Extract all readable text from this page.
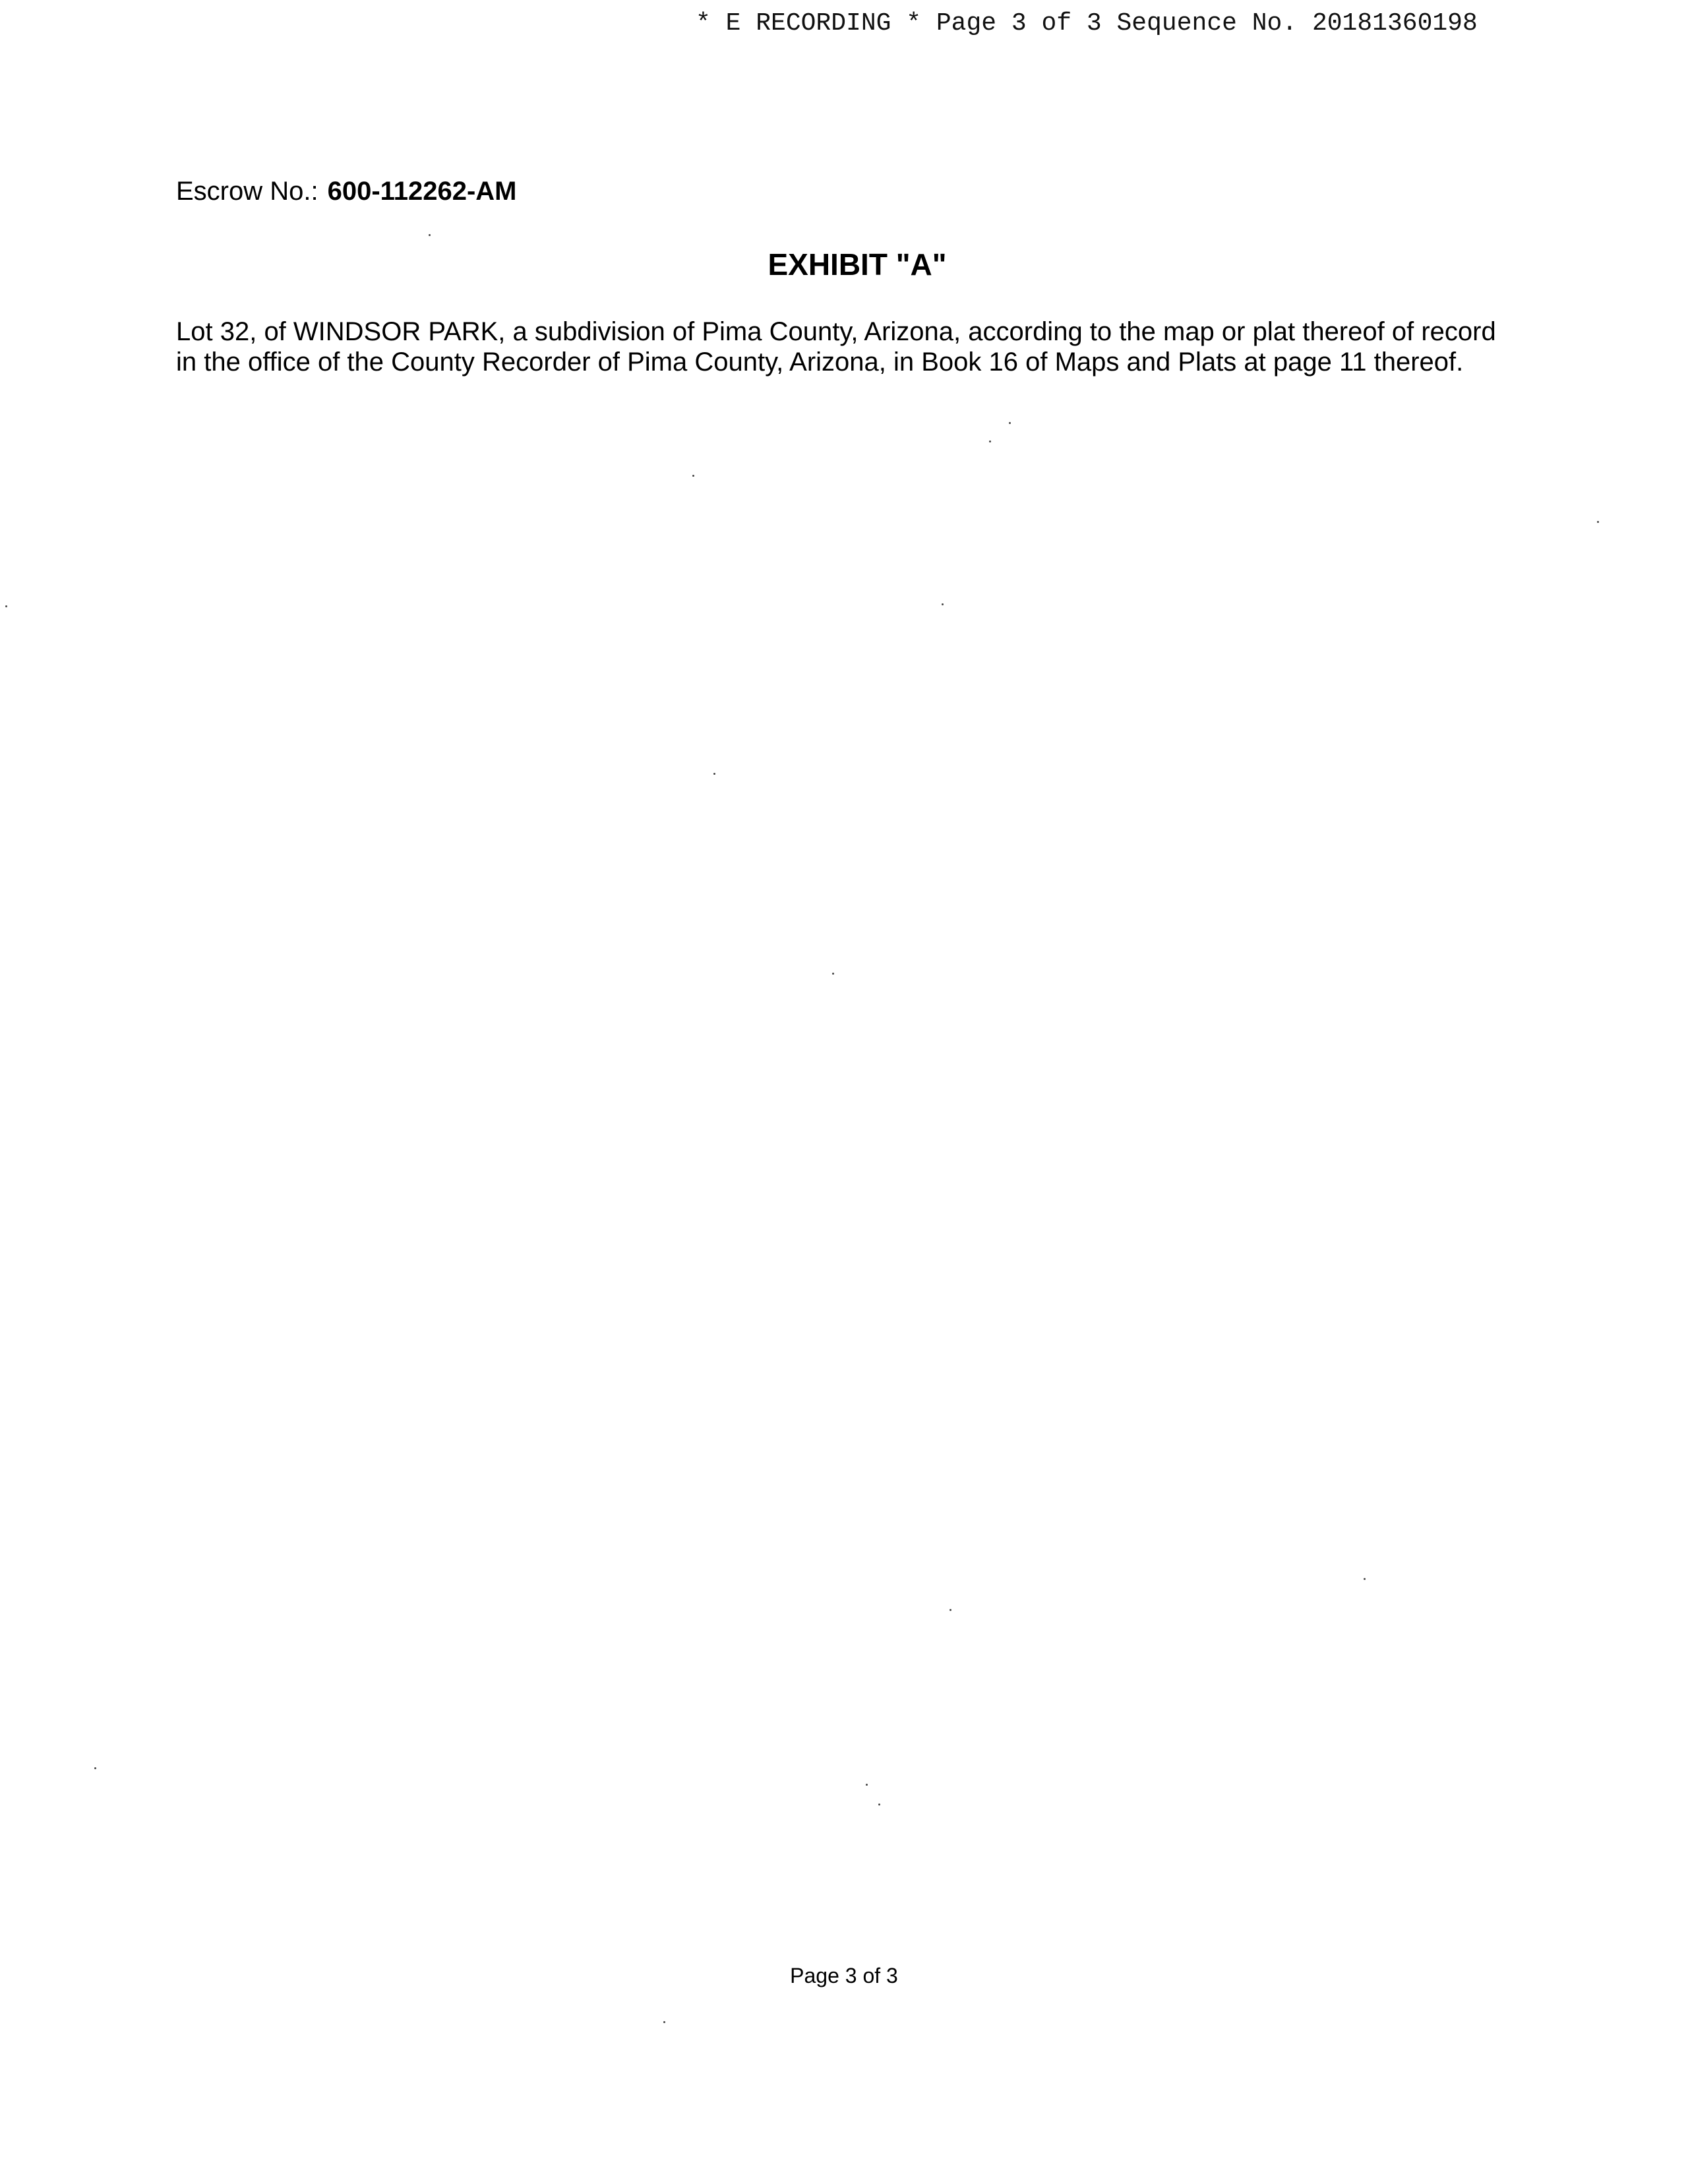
* E RECORDING * Page 3 of 3 Sequence No. 20181360198
Escrow No.: 600-112262-AM
EXHIBIT "A"
Lot 32, of WINDSOR PARK, a subdivision of Pima County, Arizona, according to the map or plat thereof of record
in the office of the County Recorder of Pima County, Arizona, in Book 16 of Maps and Plats at page 11 thereof.
Page 3 of 3
